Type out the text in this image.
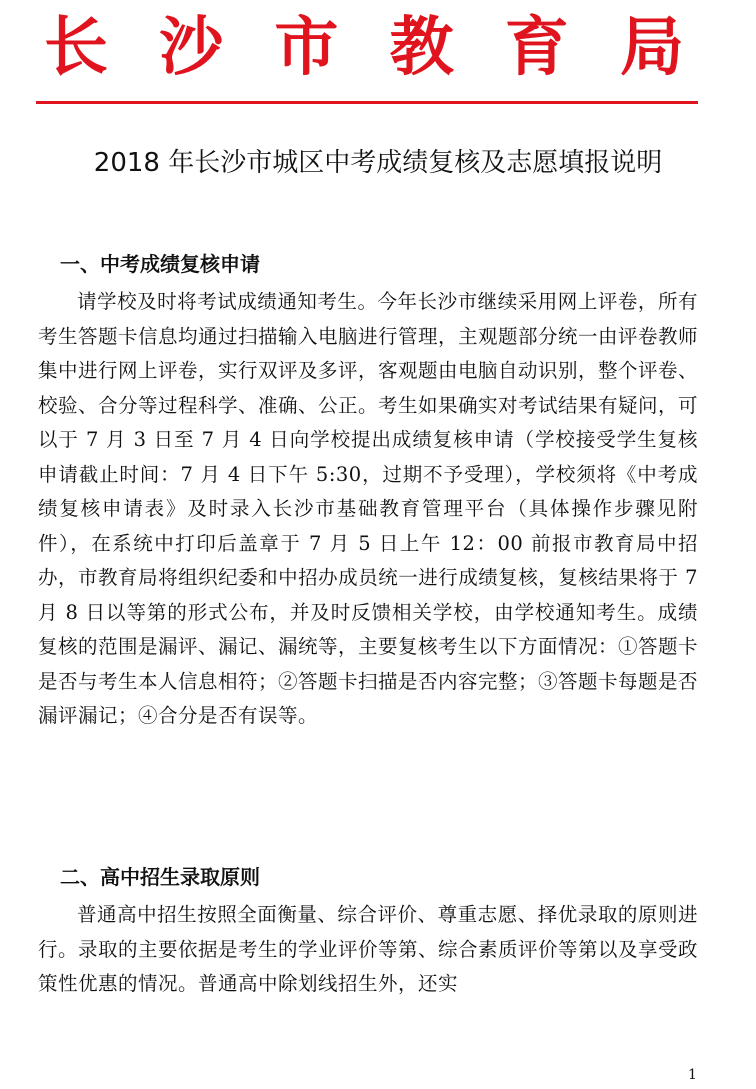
长 沙 市 教 育 局
2018 年长沙市城区中考成绩复核及志愿填报说明
一、中考成绩复核申请

请学校及时将考试成绩通知考生。今年长沙市继续采用网上评卷，所有考生答题卡信息均通过扫描输入电脑进行管理，主观题部分统一由评卷教师集中进行网上评卷，实行双评及多评，客观题由电脑自动识别，整个评卷、校验、合分等过程科学、准确、公正。考生如果确实对考试结果有疑问，可以于 7 月 3 日至 7 月 4 日向学校提出成绩复核申请（学校接受学生复核申请截止时间：7 月 4 日下午 5:30，过期不予受理），学校须将《中考成绩复核申请表》及时录入长沙市基础教育管理平台（具体操作步骤见附件），在系统中打印后盖章于 7 月 5 日上午 12：00 前报市教育局中招办，市教育局将组织纪委和中招办成员统一进行成绩复核，复核结果将于 7 月 8 日以等第的形式公布，并及时反馈相关学校，由学校通知考生。成绩复核的范围是漏评、漏记、漏统等，主要复核考生以下方面情况：①答题卡是否与考生本人信息相符；②答题卡扫描是否内容完整；③答题卡每题是否漏评漏记；④合分是否有误等。

二、高中招生录取原则

普通高中招生按照全面衡量、综合评价、尊重志愿、择优录取的原则进行。录取的主要依据是考生的学业评价等第、综合素质评价等第以及享受政策性优惠的情况。普通高中除划线招生外，还实

1
